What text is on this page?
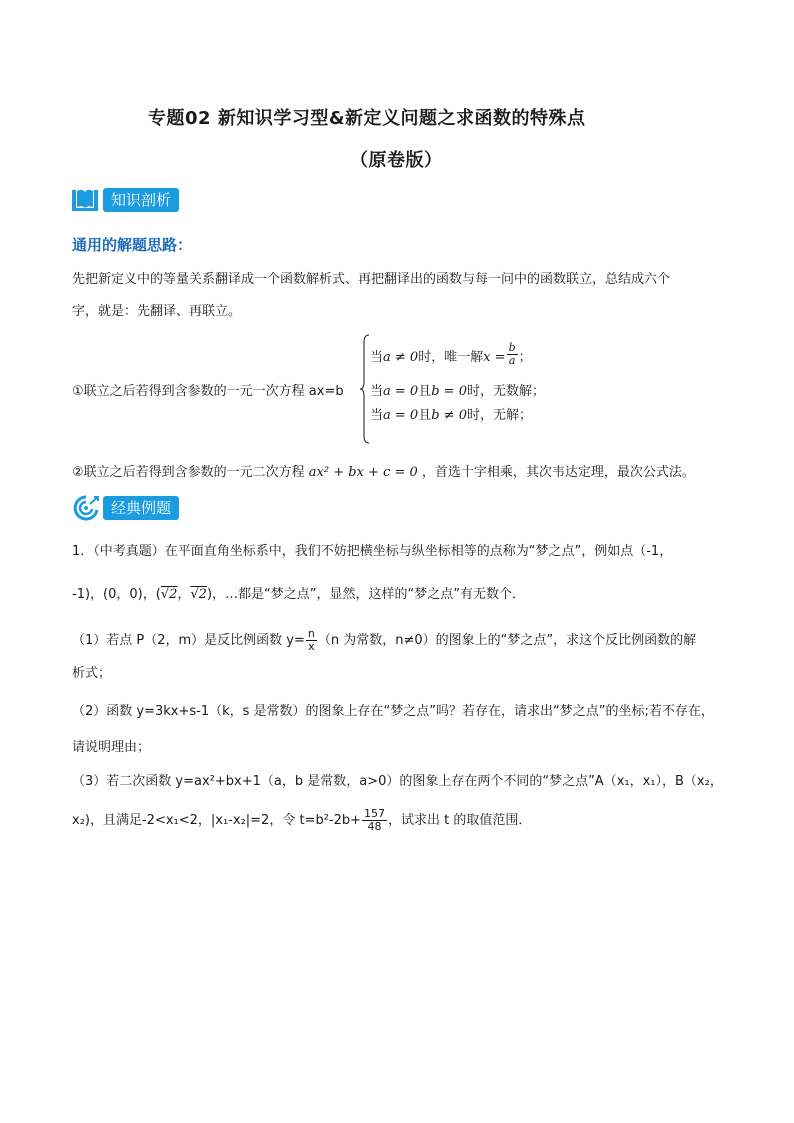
专题02 新知识学习型&新定义问题之求函数的特殊点
（原卷版）
知识剖析
通用的解题思路：
先把新定义中的等量关系翻译成一个函数解析式、再把翻译出的函数与每一问中的函数联立，总结成六个
字，就是：先翻译、再联立。
①联立之后若得到含参数的一元一次方程 ax=b
当a ≠ 0时，唯一解$x = \frac{b}{a}$ ；
当a = 0且b = 0时，无数解；
当a = 0且b ≠ 0时，无解；
②联立之后若得到含参数的一元二次方程 ax² + bx + c = 0 ，首选十字相乘，其次韦达定理，最次公式法。
经典例题
1．（中考真题）在平面直角坐标系中，我们不妨把横坐标与纵坐标相等的点称为“梦之点”，例如点（-1，
-1)，(0，0)，(√2，√2)，…都是“梦之点”，显然，这样的“梦之点”有无数个．
（1）若点 P（2，m）是反比例函数 $y= \frac{n}{x} (n$ 为常数，n≠0）的图象上的“梦之点”，求这个反比例函数的解
析式；
（2）函数 y=3kx+s-1（k，s 是常数）的图象上存在“梦之点”吗？若存在，请求出“梦之点”的坐标;若不存在，
请说明理由；
（3）若二次函数 y=ax²+bx+1（a，b 是常数，a>0）的图象上存在两个不同的“梦之点”A（x₁，x₁），B（x₂，
x₂)，且满足-2<x₁<2，|x₁-x₂|=2，令 $t=b^2-2b+ \frac{157}{48}$ ，试求出 t 的取值范围．
